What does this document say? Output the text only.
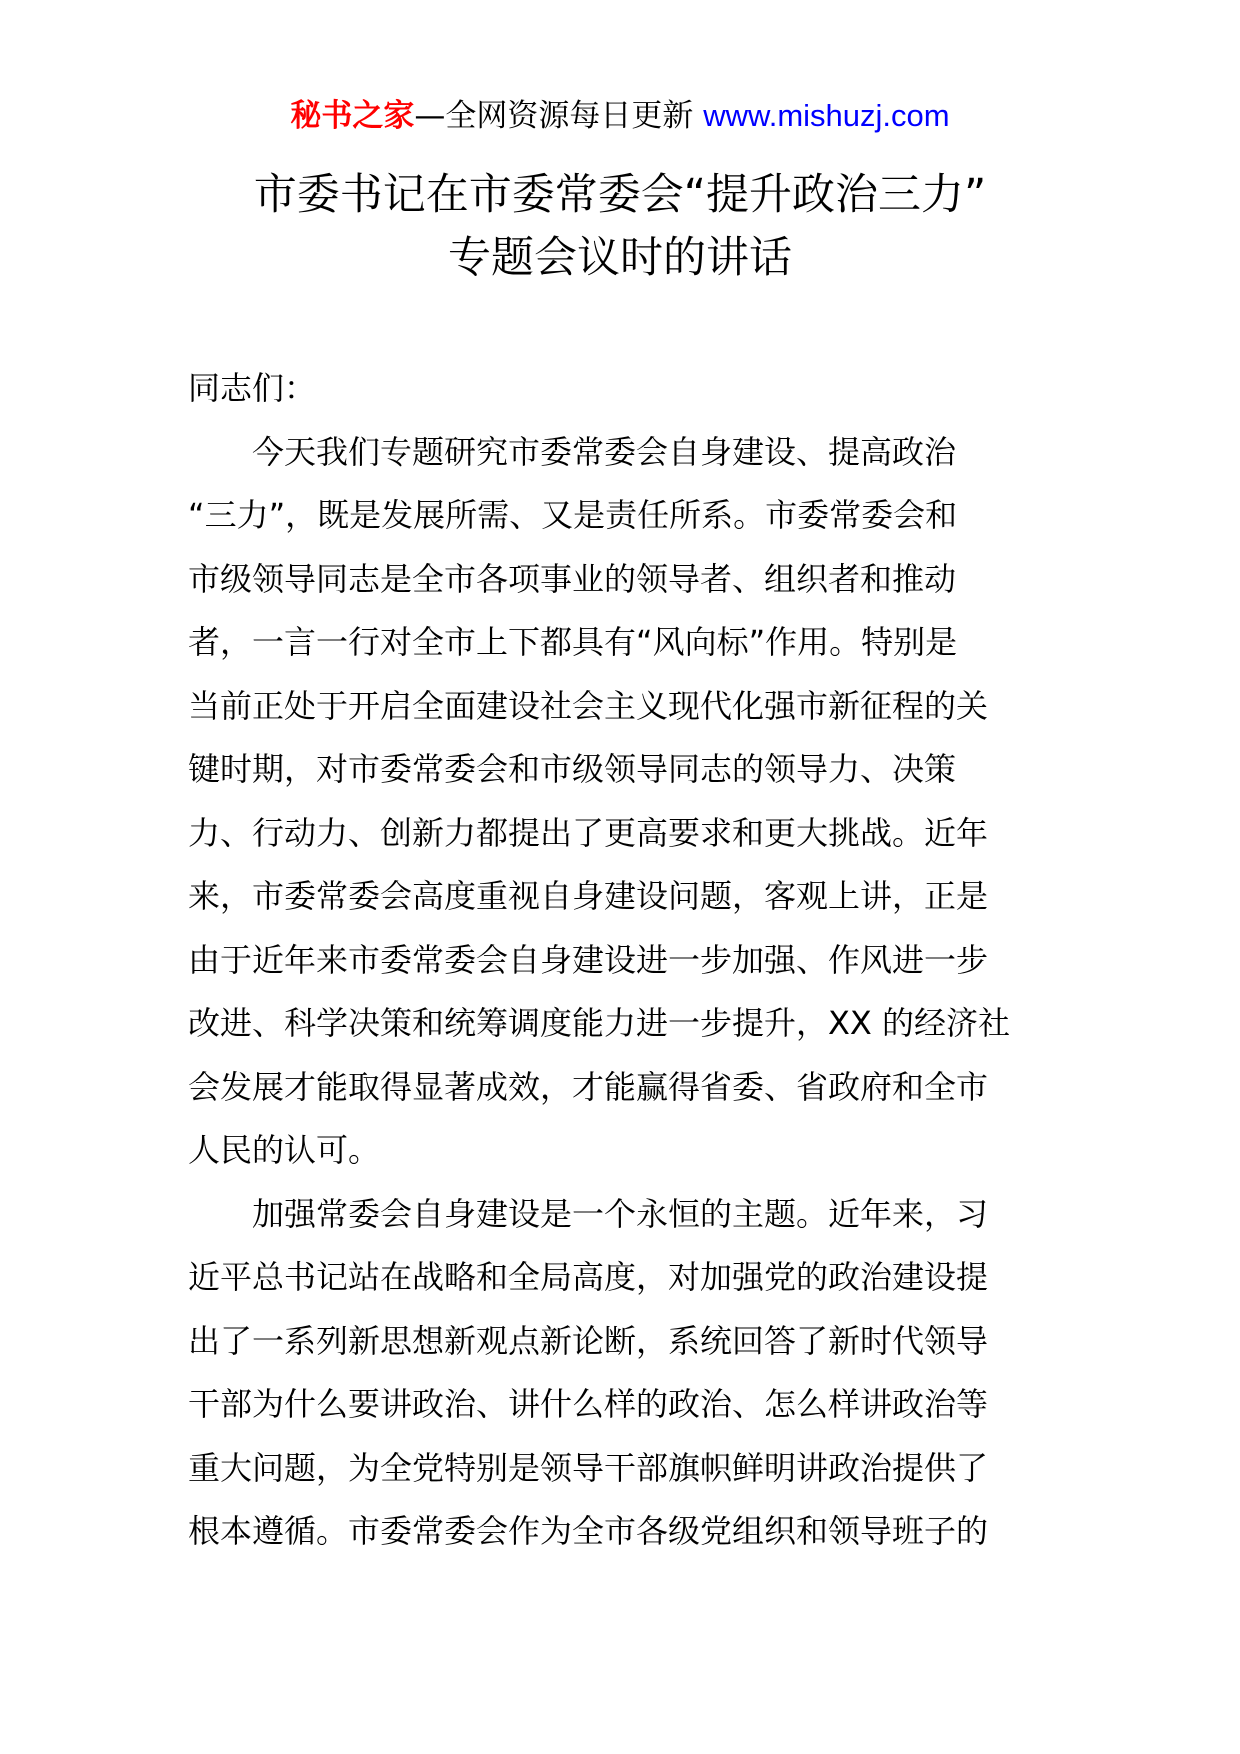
秘书之家—全网资源每日更新 www.mishuzj.com
市委书记在市委常委会“提升政治三力”
专题会议时的讲话
同志们：
今天我们专题研究市委常委会自身建设、提高政治
“三力”，既是发展所需、又是责任所系。市委常委会和
市级领导同志是全市各项事业的领导者、组织者和推动
者，一言一行对全市上下都具有“风向标”作用。特别是
当前正处于开启全面建设社会主义现代化强市新征程的关
键时期，对市委常委会和市级领导同志的领导力、决策
力、行动力、创新力都提出了更高要求和更大挑战。近年
来，市委常委会高度重视自身建设问题，客观上讲，正是
由于近年来市委常委会自身建设进一步加强、作风进一步
改进、科学决策和统筹调度能力进一步提升，XX 的经济社
会发展才能取得显著成效，才能赢得省委、省政府和全市
人民的认可。
加强常委会自身建设是一个永恒的主题。近年来，习
近平总书记站在战略和全局高度，对加强党的政治建设提
出了一系列新思想新观点新论断，系统回答了新时代领导
干部为什么要讲政治、讲什么样的政治、怎么样讲政治等
重大问题，为全党特别是领导干部旗帜鲜明讲政治提供了
根本遵循。市委常委会作为全市各级党组织和领导班子的
